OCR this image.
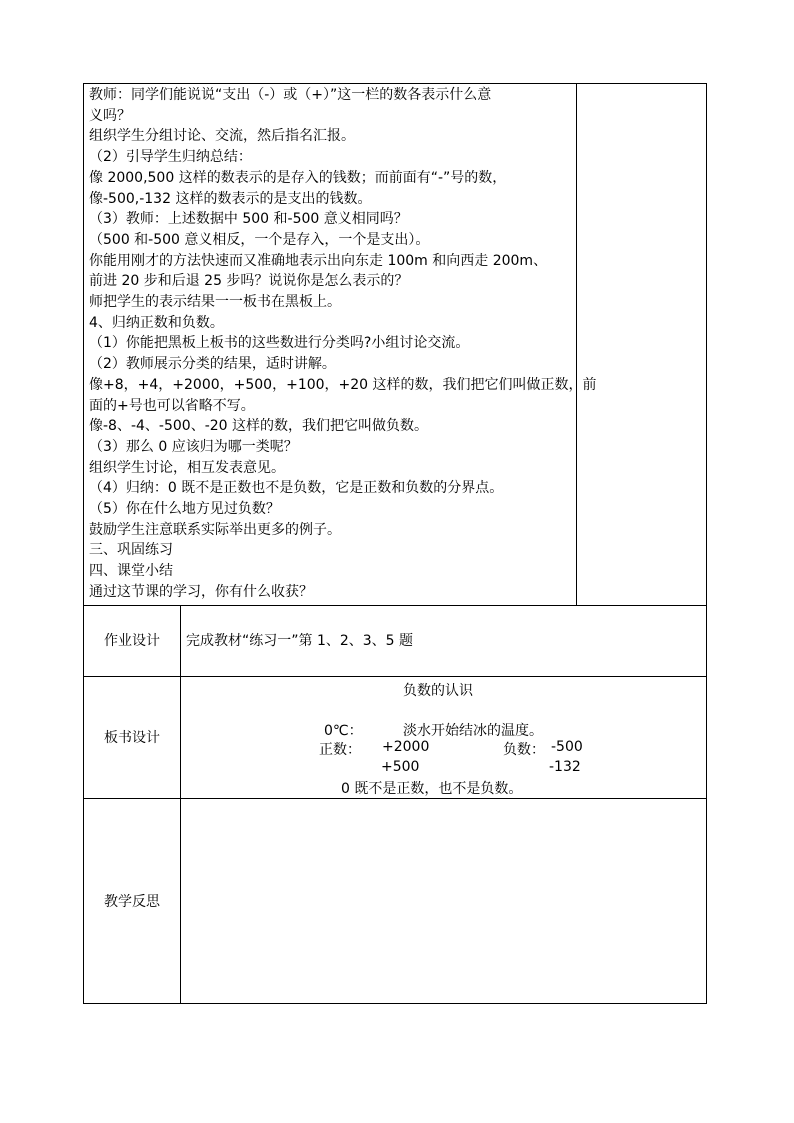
教师：同学们能说说“支出（-）或（+）”这一栏的数各表示什么意
义吗？
组织学生分组讨论、交流，然后指名汇报。
（2）引导学生归纳总结：
像 2000,500 这样的数表示的是存入的钱数；而前面有“-”号的数，
像-500,-132 这样的数表示的是支出的钱数。
（3）教师：上述数据中 500 和-500 意义相同吗？
（500 和-500 意义相反，一个是存入，一个是支出）。
你能用刚才的方法快速而又准确地表示出向东走 100m 和向西走 200m、
前进 20 步和后退 25 步吗？说说你是怎么表示的？
师把学生的表示结果一一板书在黑板上。
4、归纳正数和负数。
（1）你能把黑板上板书的这些数进行分类吗?小组讨论交流。
（2）教师展示分类的结果，适时讲解。
像+8，+4，+2000，+500，+100，+20 这样的数，我们把它们叫做正数，前
面的+号也可以省略不写。
像-8、-4、-500、-20 这样的数，我们把它叫做负数。
（3）那么 0 应该归为哪一类呢？
组织学生讨论，相互发表意见。
（4）归纳：0 既不是正数也不是负数，它是正数和负数的分界点。
（5）你在什么地方见过负数？
鼓励学生注意联系实际举出更多的例子。
三、巩固练习
四、课堂小结
通过这节课的学习，你有什么收获？
作业设计	完成教材“练习一”第 1、2、3、5 题
板书设计
负数的认识
0℃：	淡水开始结冰的温度。
正数： +2000
+500
负数： -500
-132
0 既不是正数，也不是负数。
教学反思
